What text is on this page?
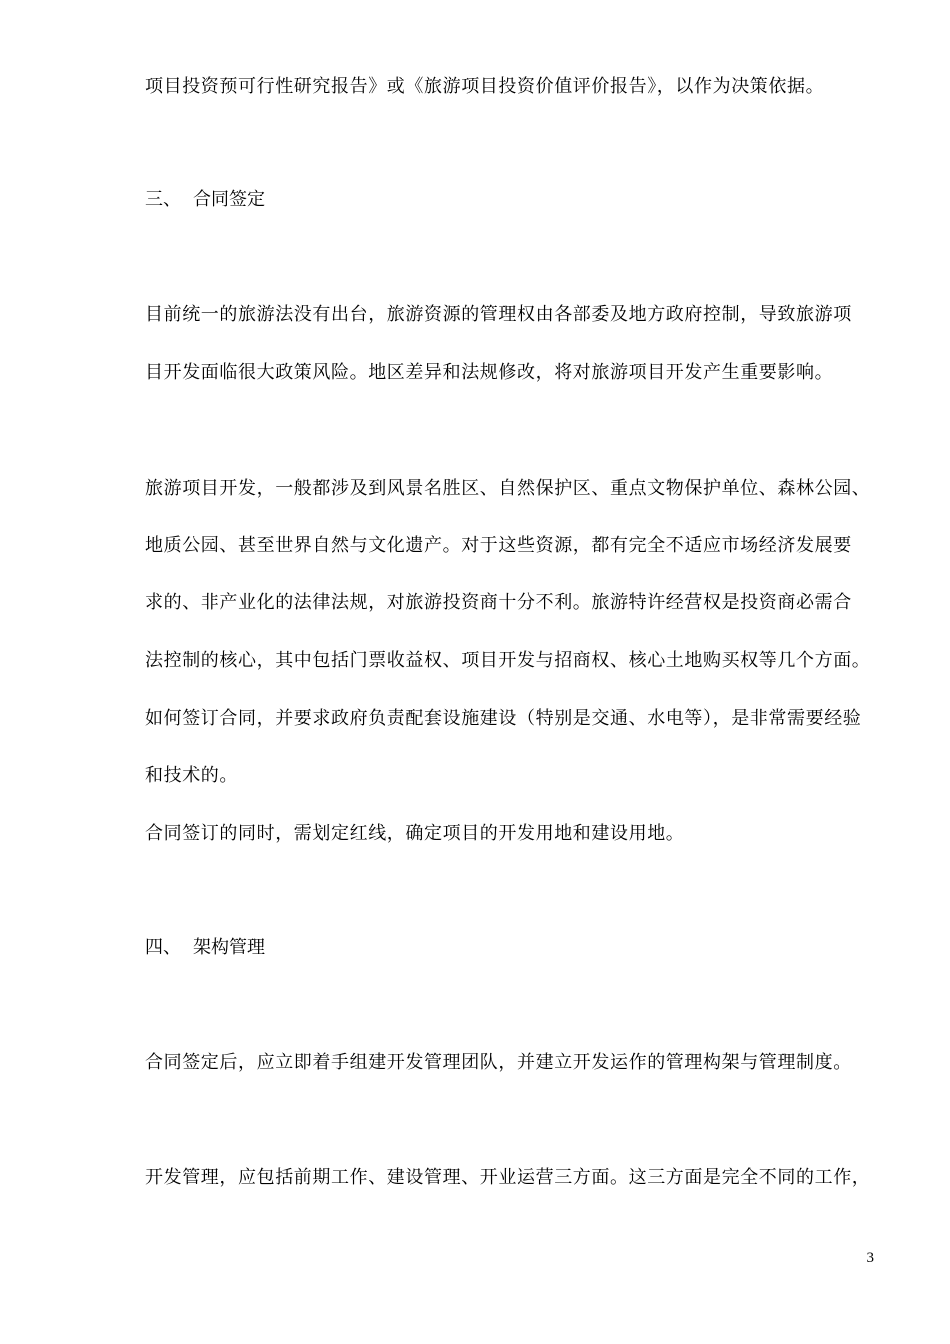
项目投资预可行性研究报告》或《旅游项目投资价值评价报告》，以作为决策依据。
三、 合同签定
目前统一的旅游法没有出台，旅游资源的管理权由各部委及地方政府控制，导致旅游项
目开发面临很大政策风险。地区差异和法规修改，将对旅游项目开发产生重要影响。
旅游项目开发，一般都涉及到风景名胜区、自然保护区、重点文物保护单位、森林公园、
地质公园、甚至世界自然与文化遗产。对于这些资源，都有完全不适应市场经济发展要
求的、非产业化的法律法规，对旅游投资商十分不利。旅游特许经营权是投资商必需合
法控制的核心，其中包括门票收益权、项目开发与招商权、核心土地购买权等几个方面。
如何签订合同，并要求政府负责配套设施建设（特别是交通、水电等），是非常需要经验
和技术的。
合同签订的同时，需划定红线，确定项目的开发用地和建设用地。
四、 架构管理
合同签定后，应立即着手组建开发管理团队，并建立开发运作的管理构架与管理制度。
开发管理，应包括前期工作、建设管理、开业运营三方面。这三方面是完全不同的工作，
3
